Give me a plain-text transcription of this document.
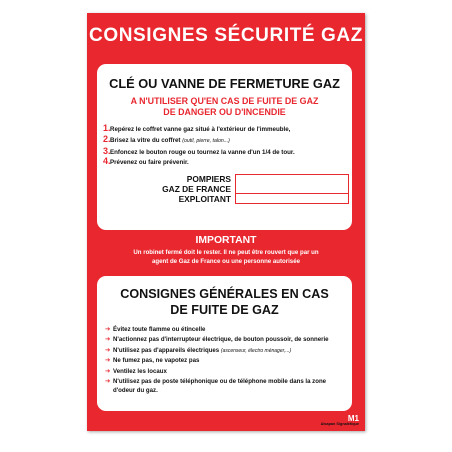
CONSIGNES SÉCURITÉ GAZ
CLÉ OU VANNE DE FERMETURE GAZ
A N'UTILISER QU'EN CAS DE FUITE DE GAZ
DE DANGER OU D'INCENDIE
1.Repérez le coffret vanne gaz situé à l'extérieur de l'immeuble,
2.Brisez la vitre du coffret (outil, pierre, talon...)
3.Enfoncez le bouton rouge ou tournez la vanne d'un 1/4 de tour.
4.Prévenez ou faire prévenir.
POMPIERS
GAZ DE FRANCE
EXPLOITANT
IMPORTANT
Un robinet fermé doit le rester. Il ne peut être rouvert que par un
agent de Gaz de France ou une personne autorisée
CONSIGNES GÉNÉRALES EN CAS
DE FUITE DE GAZ
➔ Évitez toute flamme ou étincelle
➔ N'actionnez pas d'interrupteur électrique, de bouton poussoir, de sonnerie
➔ N'utilisez pas d'appareils électriques (ascenseur, électro ménager,...)
➔ Ne fumez pas, ne vapotez pas
➔ Ventilez les locaux
➔ N'utilisez pas de poste téléphonique ou de téléphone mobile dans la zone d'odeur du gaz.
M1
Alsapan Signalétique
